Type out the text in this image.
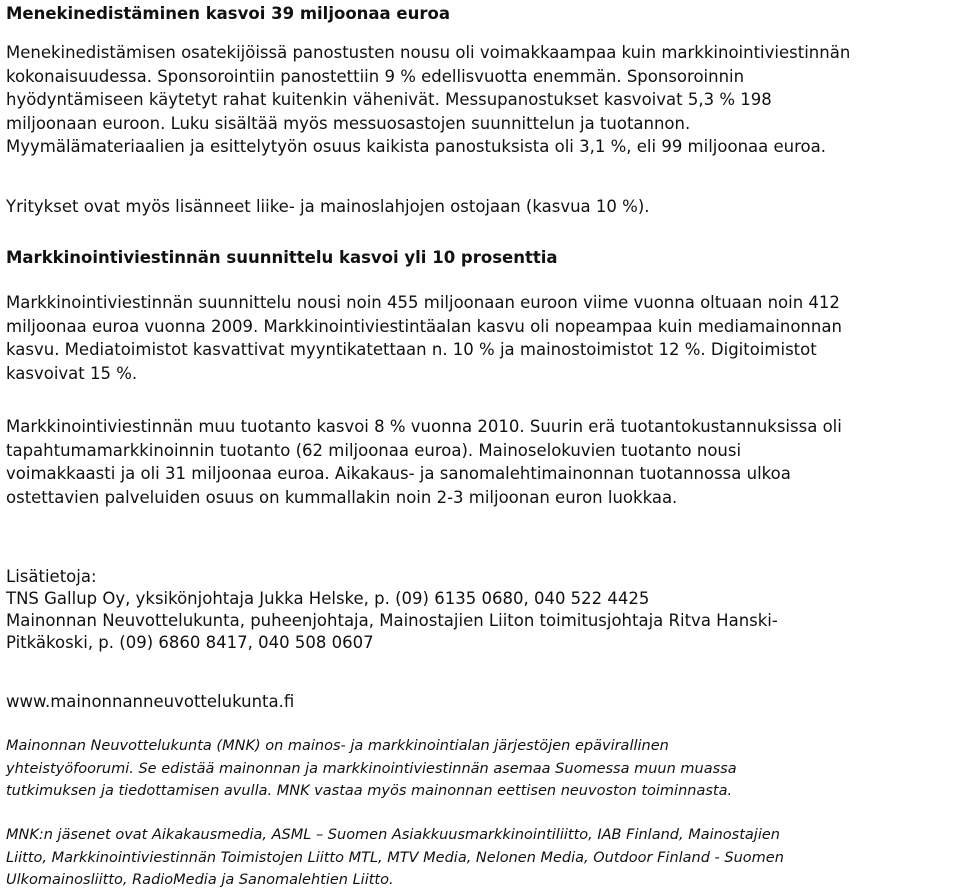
Menekinedistäminen kasvoi 39 miljoonaa euroa
Menekinedistämisen osatekijöissä panostusten nousu oli voimakkaampaa kuin markkinointiviestinnän
kokonaisuudessa. Sponsorointiin panostettiin 9 % edellisvuotta enemmän. Sponsoroinnin
hyödyntämiseen käytetyt rahat kuitenkin vähenivät. Messupanostukset kasvoivat 5,3 % 198
miljoonaan euroon. Luku sisältää myös messuosastojen suunnittelun ja tuotannon.
Myymälämateriaalien ja esittelytyön osuus kaikista panostuksista oli 3,1 %, eli 99 miljoonaa euroa.
Yritykset ovat myös lisänneet liike- ja mainoslahjojen ostojaan (kasvua 10 %).
Markkinointiviestinnän suunnittelu kasvoi yli 10 prosenttia
Markkinointiviestinnän suunnittelu nousi noin 455 miljoonaan euroon viime vuonna oltuaan noin 412
miljoonaa euroa vuonna 2009. Markkinointiviestintäalan kasvu oli nopeampaa kuin mediamainonnan
kasvu. Mediatoimistot kasvattivat myyntikatettaan n. 10 % ja mainostoimistot 12 %. Digitoimistot
kasvoivat 15 %.
Markkinointiviestinnän muu tuotanto kasvoi 8 % vuonna 2010. Suurin erä tuotantokustannuksissa oli
tapahtumamarkkinoinnin tuotanto (62 miljoonaa euroa). Mainoselokuvien tuotanto nousi
voimakkaasti ja oli 31 miljoonaa euroa. Aikakaus- ja sanomalehtimainonnan tuotannossa ulkoa
ostettavien palveluiden osuus on kummallakin noin 2-3 miljoonan euron luokkaa.
Lisätietoja:
TNS Gallup Oy, yksikönjohtaja Jukka Helske, p. (09) 6135 0680, 040 522 4425
Mainonnan Neuvottelukunta, puheenjohtaja, Mainostajien Liiton toimitusjohtaja Ritva Hanski-
Pitkäkoski, p. (09) 6860 8417, 040 508 0607
www.mainonnanneuvottelukunta.fi
Mainonnan Neuvottelukunta (MNK) on mainos- ja markkinointialan järjestöjen epävirallinen
yhteistyöfoorumi. Se edistää mainonnan ja markkinointiviestinnän asemaa Suomessa muun muassa
tutkimuksen ja tiedottamisen avulla. MNK vastaa myös mainonnan eettisen neuvoston toiminnasta.
MNK:n jäsenet ovat Aikakausmedia, ASML – Suomen Asiakkuusmarkkinointiliitto, IAB Finland, Mainostajien
Liitto, Markkinointiviestinnän Toimistojen Liitto MTL, MTV Media, Nelonen Media, Outdoor Finland - Suomen
Ulkomainosliitto, RadioMedia ja Sanomalehtien Liitto.
